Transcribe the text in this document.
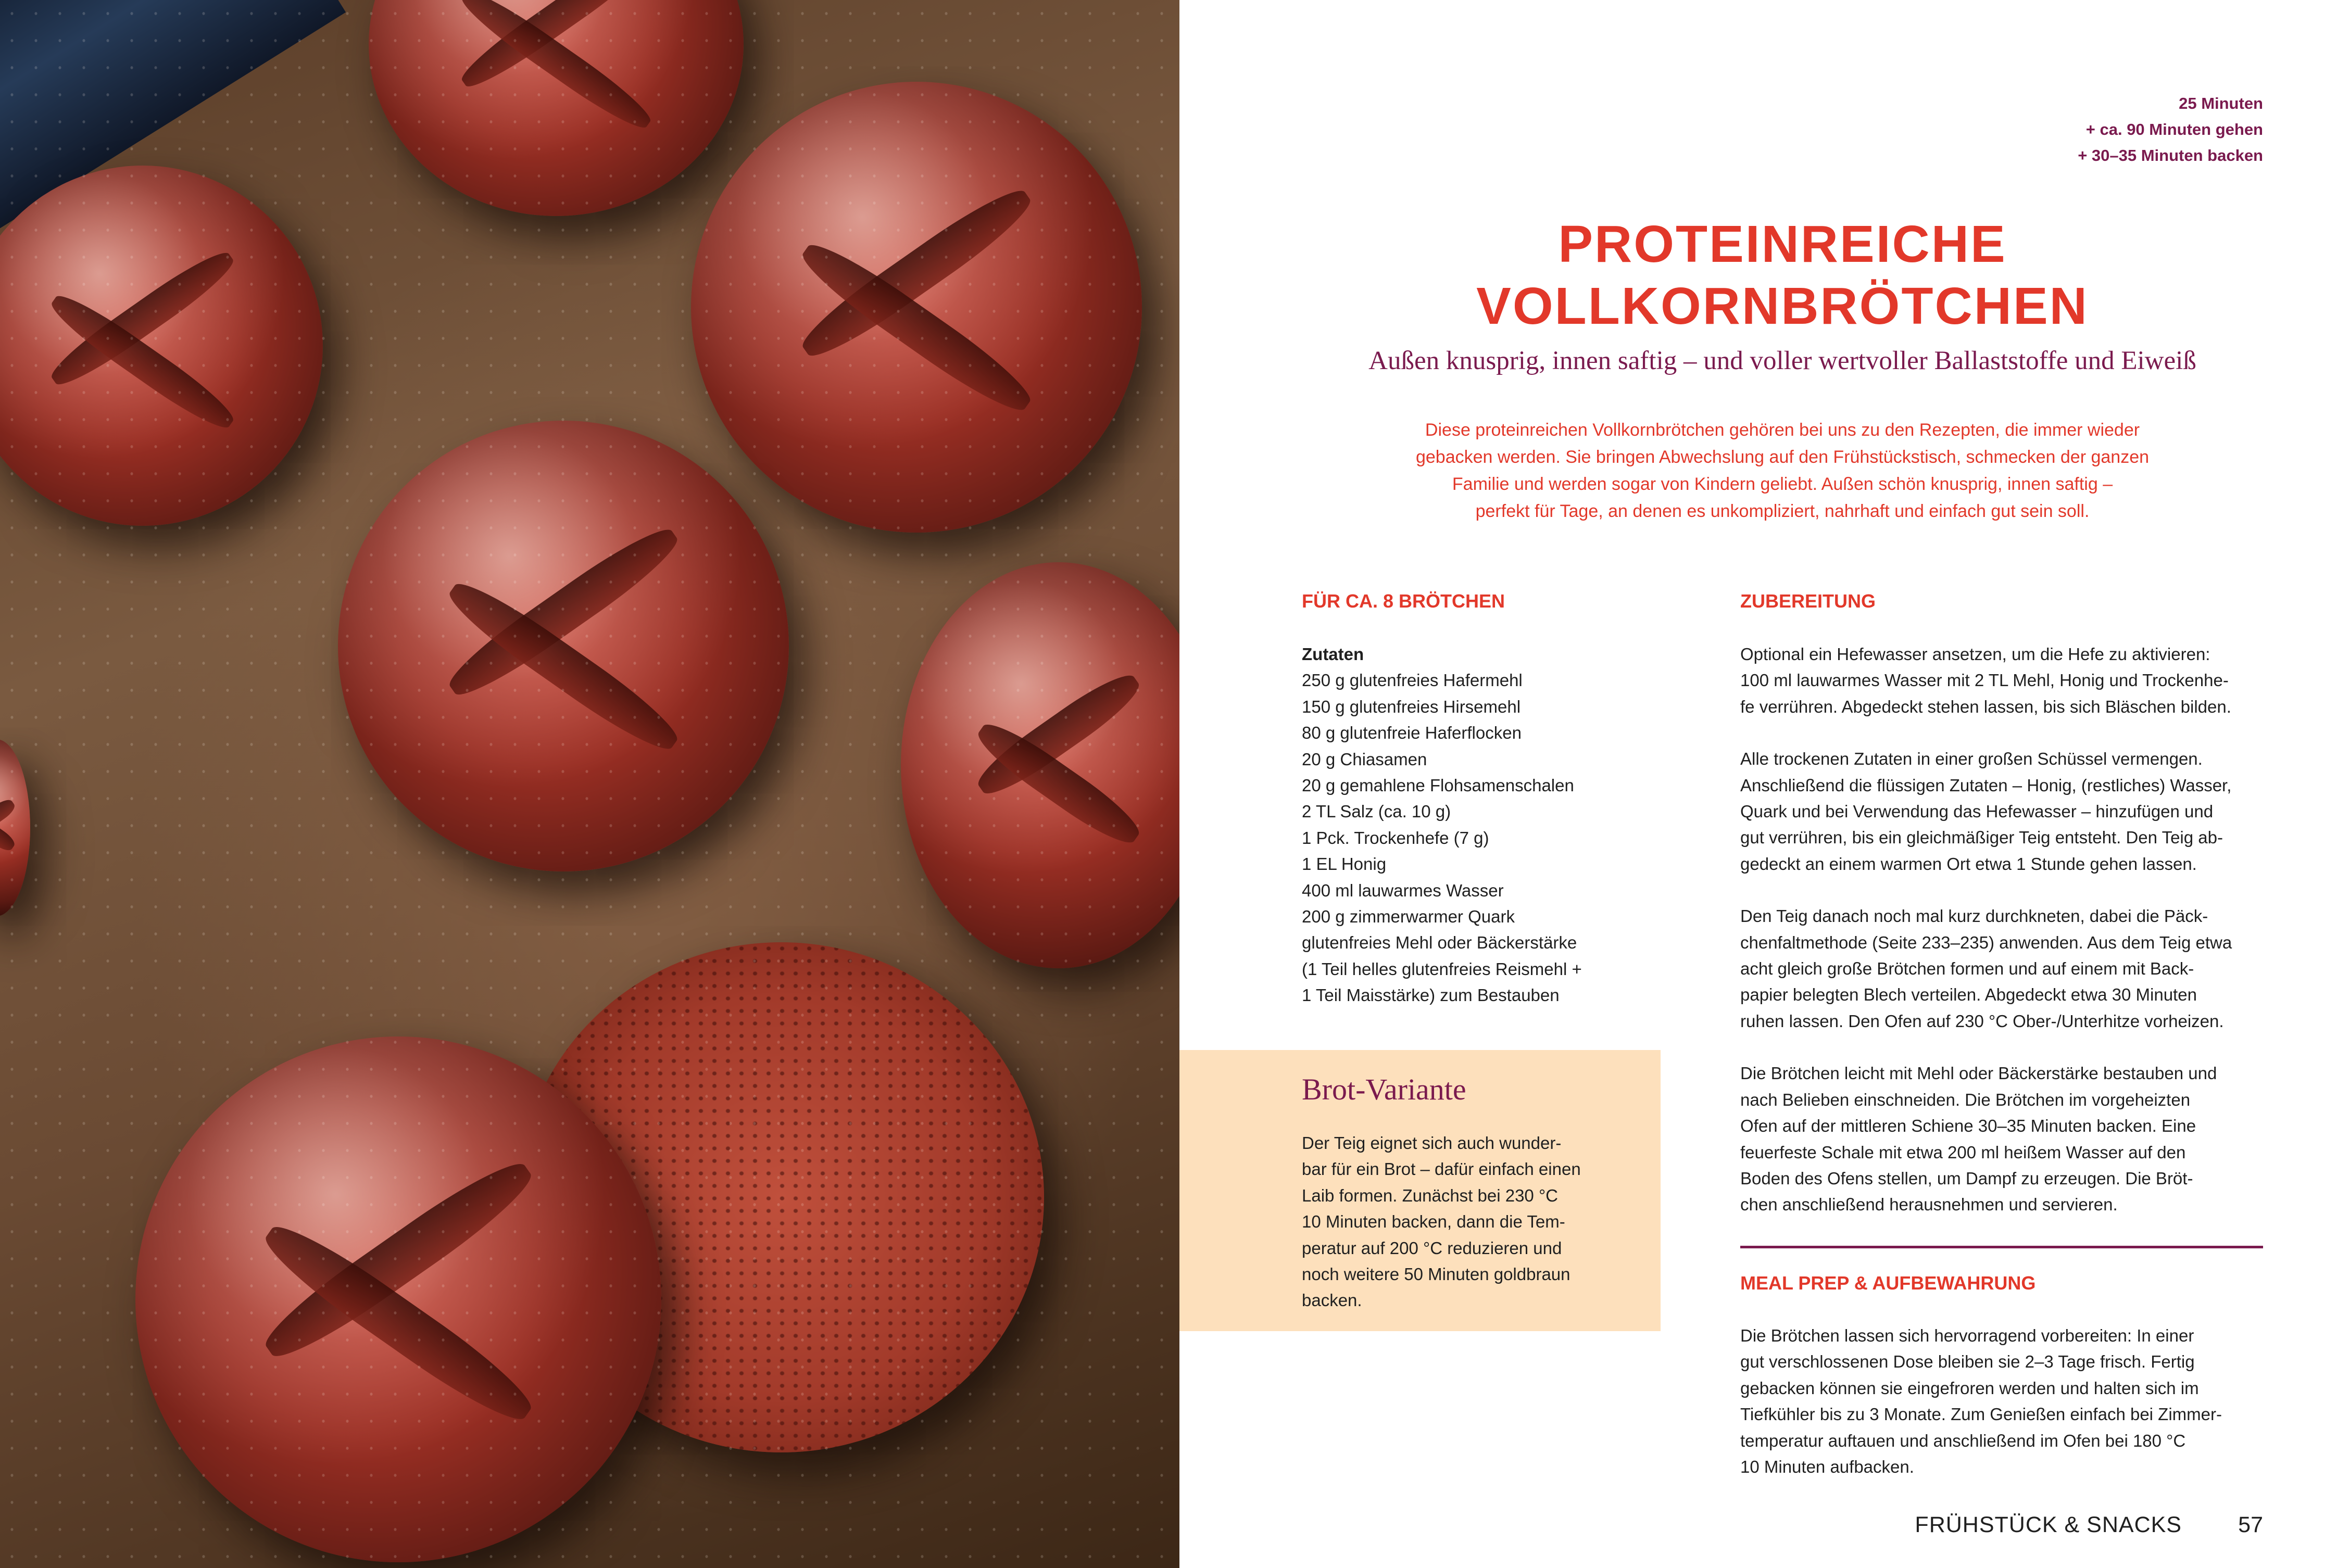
25 Minuten
+ ca. 90 Minuten gehen
+ 30–35 Minuten backen
PROTEINREICHE
VOLLKORNBRÖTCHEN
Außen knusprig, innen saftig – und voller wertvoller Ballaststoffe und Eiweiß
Diese proteinreichen Vollkornbrötchen gehören bei uns zu den Rezepten, die immer wieder
gebacken werden. Sie bringen Abwechslung auf den Frühstückstisch, schmecken der ganzen
Familie und werden sogar von Kindern geliebt. Außen schön knusprig, innen saftig –
perfekt für Tage, an denen es unkompliziert, nahrhaft und einfach gut sein soll.
FÜR CA. 8 BRÖTCHEN
Zutaten
250 g glutenfreies Hafermehl
150 g glutenfreies Hirsemehl
80 g glutenfreie Haferflocken
20 g Chiasamen
20 g gemahlene Flohsamenschalen
2 TL Salz (ca. 10 g)
1 Pck. Trockenhefe (7 g)
1 EL Honig
400 ml lauwarmes Wasser
200 g zimmerwarmer Quark
glutenfreies Mehl oder Bäckerstärke
(1 Teil helles glutenfreies Reismehl +
1 Teil Maisstärke) zum Bestauben
Brot-Variante
Der Teig eignet sich auch wunder-
bar für ein Brot – dafür einfach einen
Laib formen. Zunächst bei 230 °C
10 Minuten backen, dann die Tem-
peratur auf 200 °C reduzieren und
noch weitere 50 Minuten goldbraun
backen.
ZUBEREITUNG
Optional ein Hefewasser ansetzen, um die Hefe zu aktivieren:
100 ml lauwarmes Wasser mit 2 TL Mehl, Honig und Trockenhe-
fe verrühren. Abgedeckt stehen lassen, bis sich Bläschen bilden.
Alle trockenen Zutaten in einer großen Schüssel vermengen.
Anschließend die flüssigen Zutaten – Honig, (restliches) Wasser,
Quark und bei Verwendung das Hefewasser – hinzufügen und
gut verrühren, bis ein gleichmäßiger Teig entsteht. Den Teig ab-
gedeckt an einem warmen Ort etwa 1 Stunde gehen lassen.
Den Teig danach noch mal kurz durchkneten, dabei die Päck-
chenfaltmethode (Seite 233–235) anwenden. Aus dem Teig etwa
acht gleich große Brötchen formen und auf einem mit Back-
papier belegten Blech verteilen. Abgedeckt etwa 30 Minuten
ruhen lassen. Den Ofen auf 230 °C Ober-/Unterhitze vorheizen.
Die Brötchen leicht mit Mehl oder Bäckerstärke bestauben und
nach Belieben einschneiden. Die Brötchen im vorgeheizten
Ofen auf der mittleren Schiene 30–35 Minuten backen. Eine
feuerfeste Schale mit etwa 200 ml heißem Wasser auf den
Boden des Ofens stellen, um Dampf zu erzeugen. Die Bröt-
chen anschließend herausnehmen und servieren.
MEAL PREP & AUFBEWAHRUNG
Die Brötchen lassen sich hervorragend vorbereiten: In einer
gut verschlossenen Dose bleiben sie 2–3 Tage frisch. Fertig
gebacken können sie eingefroren werden und halten sich im
Tiefkühler bis zu 3 Monate. Zum Genießen einfach bei Zimmer-
temperatur auftauen und anschließend im Ofen bei 180 °C
10 Minuten aufbacken.
FRÜHSTÜCK & SNACKS	57
